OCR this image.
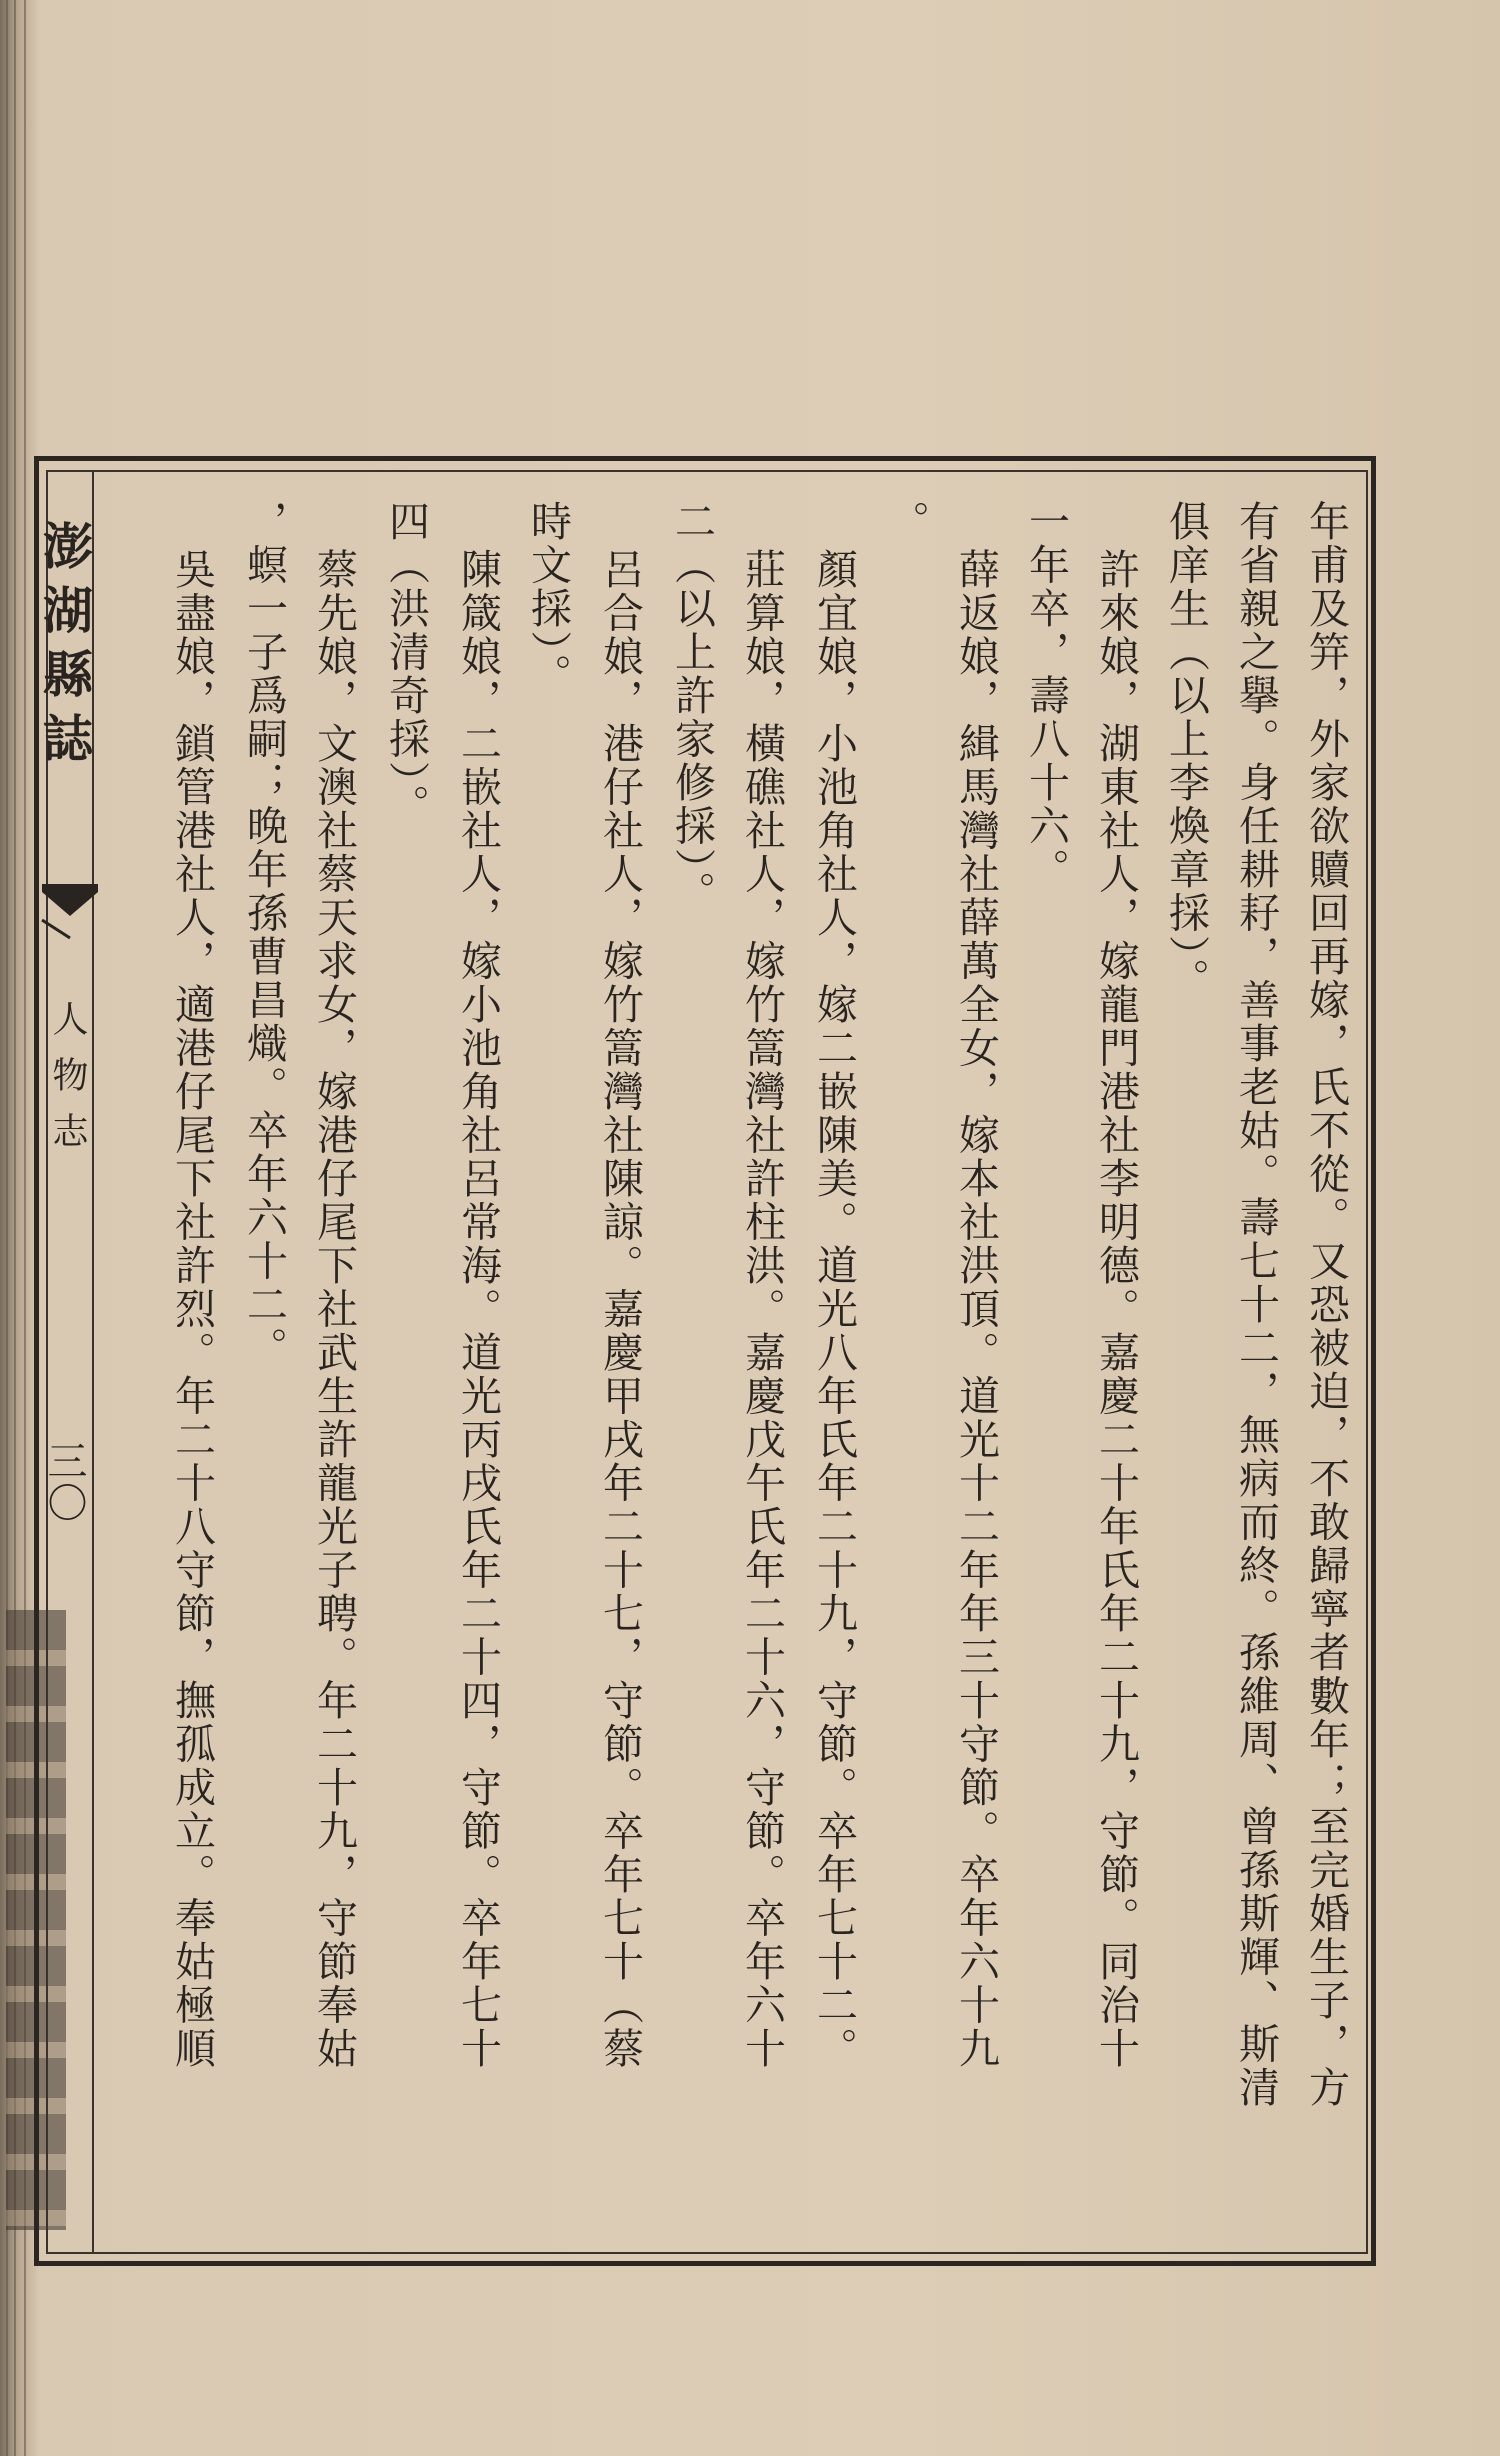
澎湖縣誌
人物志
三〇	年甫及笄，外家欲贖回再嫁，氏不從。又恐被迫，不敢歸寧者數年；至完婚生子，方
有省親之擧。身任耕耔，善事老姑。壽七十二，無病而終。孫維周、曾孫斯輝、斯清
俱庠生（以上李煥章採）。
許來娘，湖東社人，嫁龍門港社李明德。嘉慶二十年氏年二十九，守節。同治十
一年卒，壽八十六。
薛返娘，緝馬灣社薛萬全女，嫁本社洪頂。道光十二年年三十守節。卒年六十九
。
顏宜娘，小池角社人，嫁二嵌陳美。道光八年氏年二十九，守節。卒年七十二。
莊算娘，橫礁社人，嫁竹篙灣社許柱洪。嘉慶戊午氏年二十六，守節。卒年六十
二（以上許家修採）。
呂合娘，港仔社人，嫁竹篙灣社陳諒。嘉慶甲戌年二十七，守節。卒年七十（蔡
時文採）。
陳箴娘，二嵌社人，嫁小池角社呂常海。道光丙戌氏年二十四，守節。卒年七十
四（洪清奇採）。
蔡先娘，文澳社蔡天求女，嫁港仔尾下社武生許龍光子聘。年二十九，守節奉姑
，螟一子爲嗣；晚年孫曹昌熾。卒年六十二。
吳盡娘，鎖管港社人，適港仔尾下社許烈。年二十八守節，撫孤成立。奉姑極順
